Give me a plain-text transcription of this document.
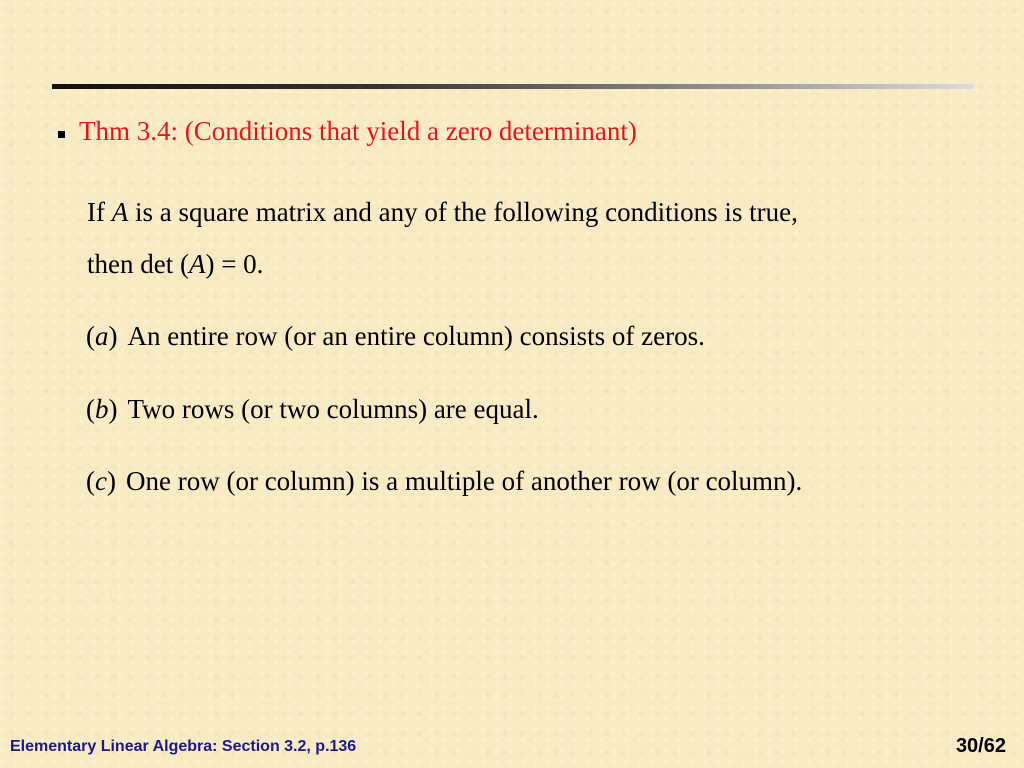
Thm 3.4: (Conditions that yield a zero determinant)
If A is a square matrix and any of the following conditions is true,
then det (A) = 0.
(a) An entire row (or an entire column) consists of zeros.
(b) Two rows (or two columns) are equal.
(c) One row (or column) is a multiple of another row (or column).
Elementary Linear Algebra: Section 3.2, p.136	30/62
